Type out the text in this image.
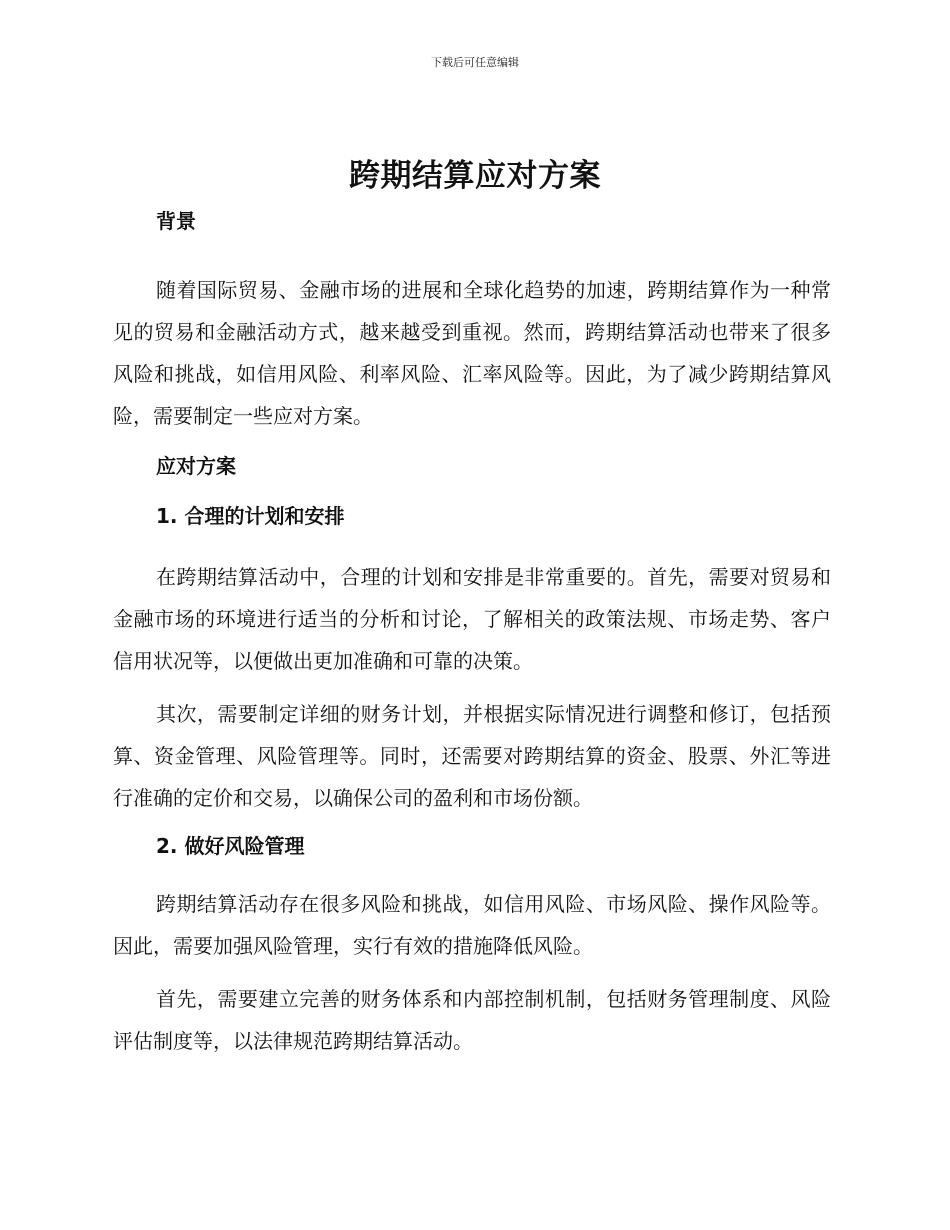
下载后可任意编辑
跨期结算应对方案

背景

随着国际贸易、金融市场的进展和全球化趋势的加速，跨期结算作为一种常见的贸易和金融活动方式，越来越受到重视。然而，跨期结算活动也带来了很多风险和挑战，如信用风险、利率风险、汇率风险等。因此，为了减少跨期结算风险，需要制定一些应对方案。

应对方案

1. 合理的计划和安排

在跨期结算活动中，合理的计划和安排是非常重要的。首先，需要对贸易和金融市场的环境进行适当的分析和讨论，了解相关的政策法规、市场走势、客户信用状况等，以便做出更加准确和可靠的决策。

其次，需要制定详细的财务计划，并根据实际情况进行调整和修订，包括预算、资金管理、风险管理等。同时，还需要对跨期结算的资金、股票、外汇等进行准确的定价和交易，以确保公司的盈利和市场份额。

2. 做好风险管理

跨期结算活动存在很多风险和挑战，如信用风险、市场风险、操作风险等。因此，需要加强风险管理，实行有效的措施降低风险。

首先，需要建立完善的财务体系和内部控制机制，包括财务管理制度、风险评估制度等，以法律规范跨期结算活动。
